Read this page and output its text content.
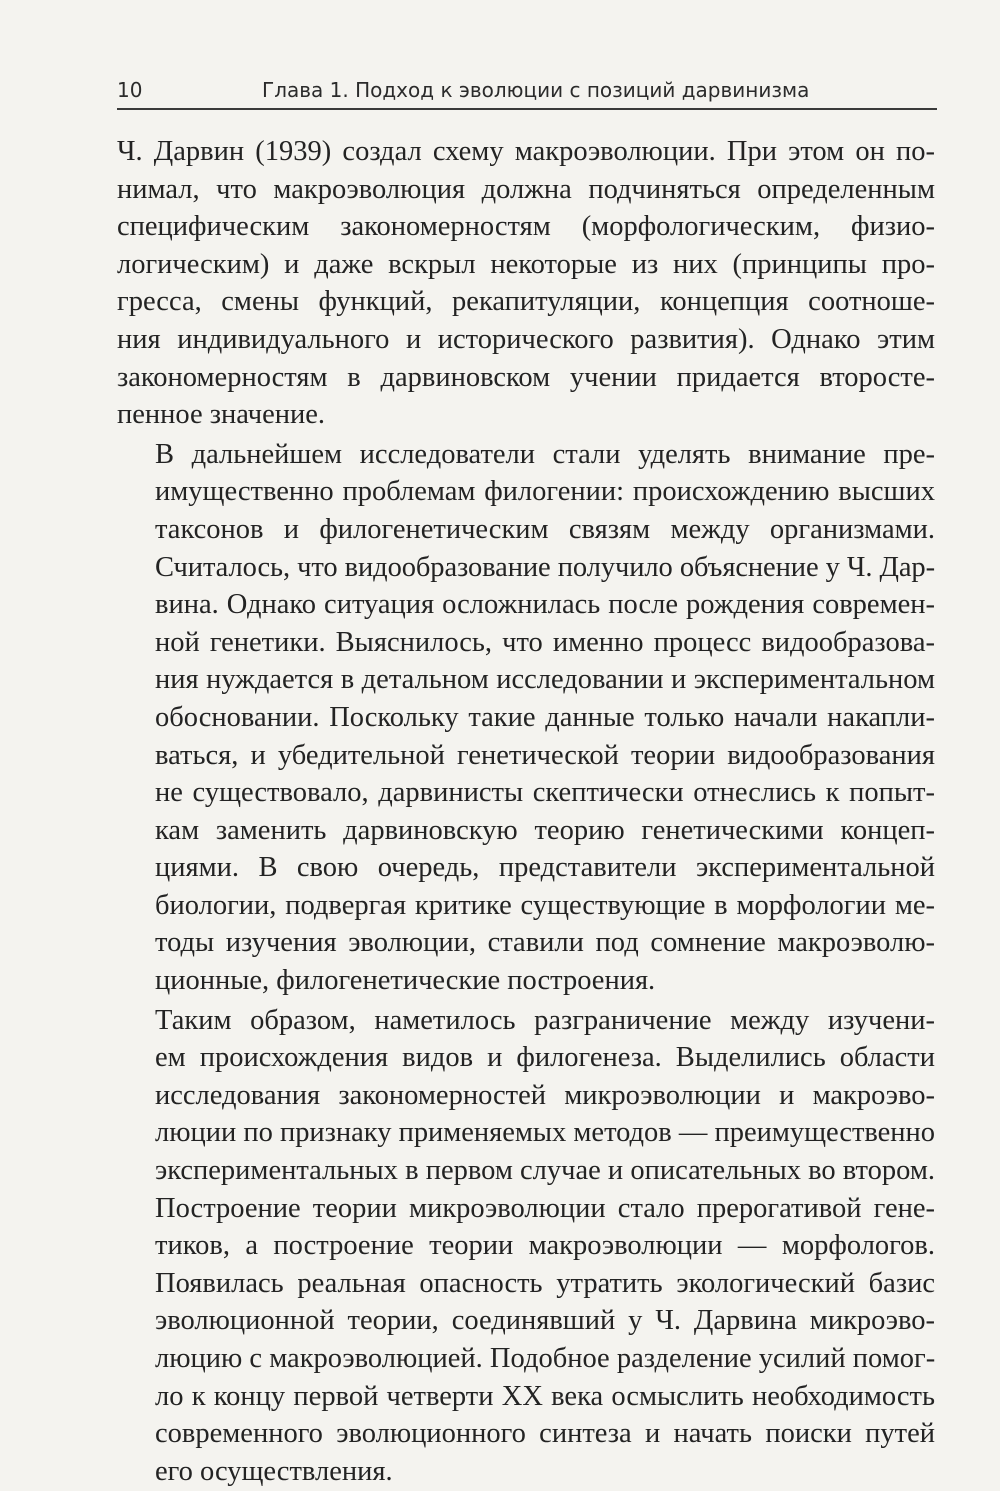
10	Глава 1. Подход к эволюции с позиций дарвинизма

Ч. Дарвин (1939) создал схему макроэволюции. При этом он по-
нимал, что макроэволюция должна подчиняться определенным
специфическим закономерностям (морфологическим, физио-
логическим) и даже вскрыл некоторые из них (принципы про-
гресса, смены функций, рекапитуляции, концепция соотноше-
ния индивидуального и исторического развития). Однако этим
закономерностям в дарвиновском учении придается второсте-
пенное значение.

В дальнейшем исследователи стали уделять внимание пре-
имущественно проблемам филогении: происхождению высших
таксонов и филогенетическим связям между организмами.
Считалось, что видообразование получило объяснение у Ч. Дар-
вина. Однако ситуация осложнилась после рождения современ-
ной генетики. Выяснилось, что именно процесс видообразова-
ния нуждается в детальном исследовании и экспериментальном
обосновании. Поскольку такие данные только начали накапли-
ваться, и убедительной генетической теории видообразования
не существовало, дарвинисты скептически отнеслись к попыт-
кам заменить дарвиновскую теорию генетическими концеп-
циями. В свою очередь, представители экспериментальной
биологии, подвергая критике существующие в морфологии ме-
тоды изучения эволюции, ставили под сомнение макроэволю-
ционные, филогенетические построения.

Таким образом, наметилось разграничение между изучени-
ем происхождения видов и филогенеза. Выделились области
исследования закономерностей микроэволюции и макроэво-
люции по признаку применяемых методов — преимущественно
экспериментальных в первом случае и описательных во втором.
Построение теории микроэволюции стало прерогативой гене-
тиков, а построение теории макроэволюции — морфологов.
Появилась реальная опасность утратить экологический базис
эволюционной теории, соединявший у Ч. Дарвина микроэво-
люцию с макроэволюцией. Подобное разделение усилий помог-
ло к концу первой четверти XX века осмыслить необходимость
современного эволюционного синтеза и начать поиски путей
его осуществления.
